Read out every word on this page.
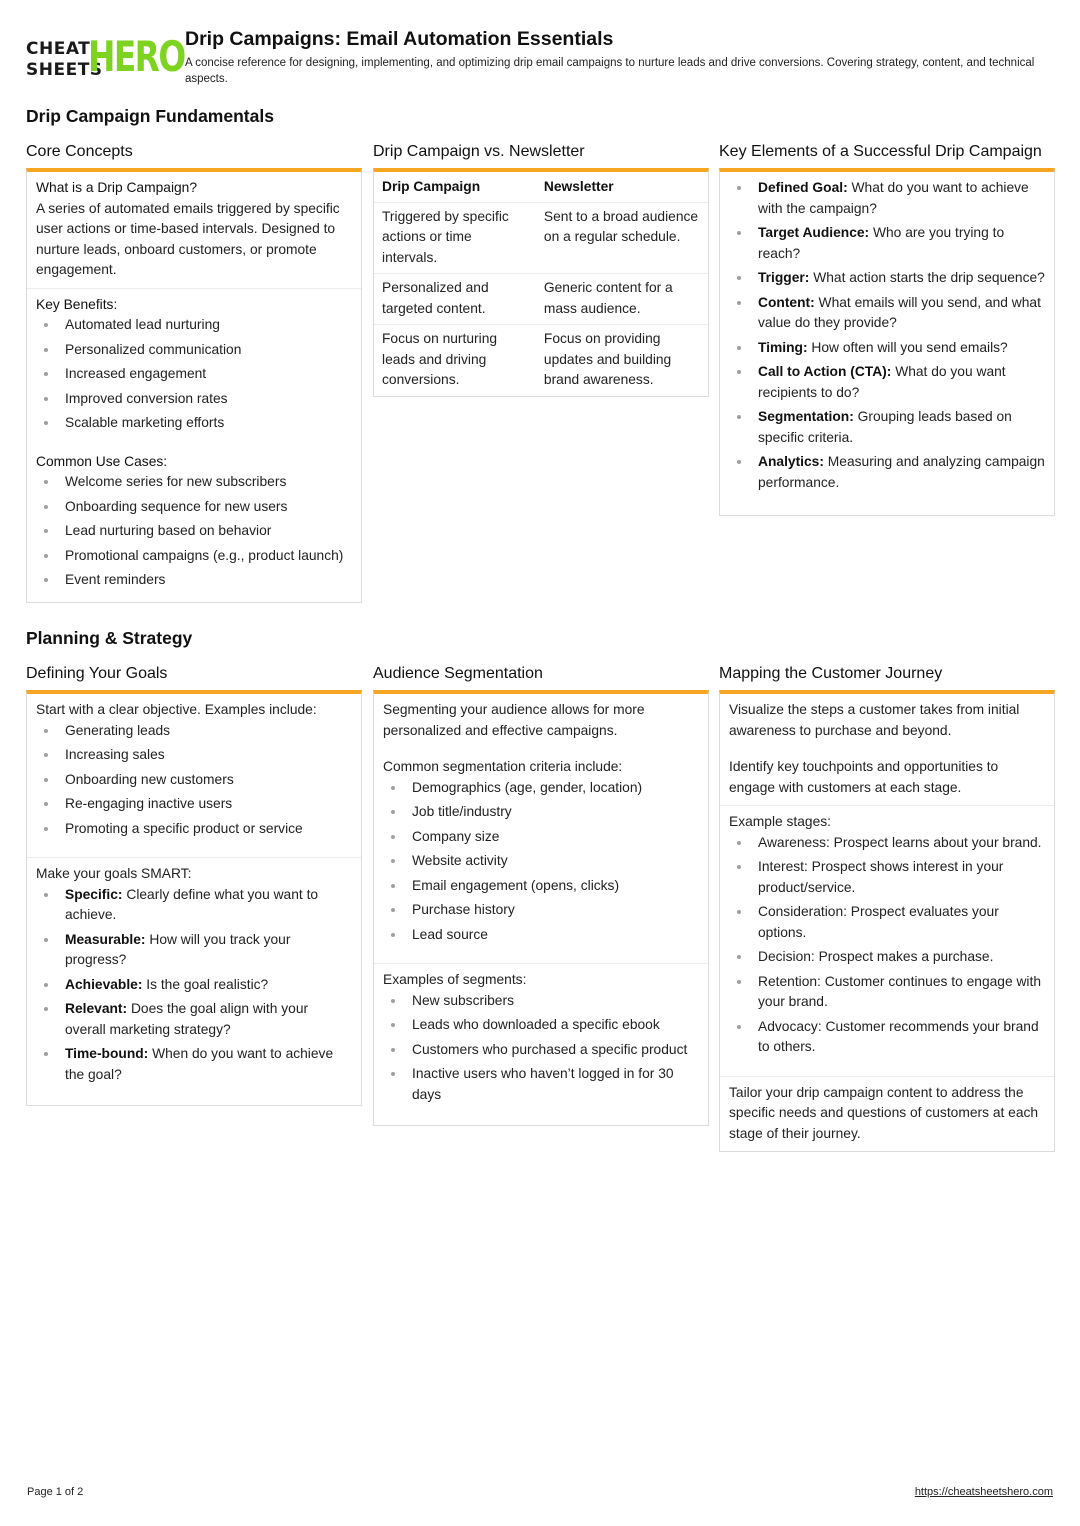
CHEAT
SHEETS
HERO Drip Campaigns: Email Automation Essentials
A concise reference for designing, implementing, and optimizing drip email campaigns to nurture leads and drive conversions. Covering strategy, content, and technical aspects.
Drip Campaign Fundamentals
Core Concepts
What is a Drip Campaign?
A series of automated emails triggered by specific user actions or time-based intervals. Designed to nurture leads, onboard customers, or promote engagement.
Key Benefits:
Automated lead nurturing
Personalized communication
Increased engagement
Improved conversion rates
Scalable marketing efforts
Common Use Cases:
Welcome series for new subscribers
Onboarding sequence for new users
Lead nurturing based on behavior
Promotional campaigns (e.g., product launch)
Event reminders
Drip Campaign vs. Newsletter
Drip Campaign	Newsletter
Triggered by specific actions or time intervals.	Sent to a broad audience on a regular schedule.
Personalized and targeted content.	Generic content for a mass audience.
Focus on nurturing leads and driving conversions.	Focus on providing updates and building brand awareness.
Key Elements of a Successful Drip Campaign
Defined Goal: What do you want to achieve with the campaign?
Target Audience: Who are you trying to reach?
Trigger: What action starts the drip sequence?
Content: What emails will you send, and what value do they provide?
Timing: How often will you send emails?
Call to Action (CTA): What do you want recipients to do?
Segmentation: Grouping leads based on specific criteria.
Analytics: Measuring and analyzing campaign performance.
Planning & Strategy
Defining Your Goals
Start with a clear objective. Examples include:
Generating leads
Increasing sales
Onboarding new customers
Re-engaging inactive users
Promoting a specific product or service
Make your goals SMART:
Specific: Clearly define what you want to achieve.
Measurable: How will you track your progress?
Achievable: Is the goal realistic?
Relevant: Does the goal align with your overall marketing strategy?
Time-bound: When do you want to achieve the goal?
Audience Segmentation
Segmenting your audience allows for more personalized and effective campaigns.
Common segmentation criteria include:
Demographics (age, gender, location)
Job title/industry
Company size
Website activity
Email engagement (opens, clicks)
Purchase history
Lead source
Examples of segments:
New subscribers
Leads who downloaded a specific ebook
Customers who purchased a specific product
Inactive users who haven’t logged in for 30 days
Mapping the Customer Journey
Visualize the steps a customer takes from initial awareness to purchase and beyond.
Identify key touchpoints and opportunities to engage with customers at each stage.
Example stages:
Awareness: Prospect learns about your brand.
Interest: Prospect shows interest in your product/service.
Consideration: Prospect evaluates your options.
Decision: Prospect makes a purchase.
Retention: Customer continues to engage with your brand.
Advocacy: Customer recommends your brand to others.
Tailor your drip campaign content to address the specific needs and questions of customers at each stage of their journey.
Page 1 of 2	https://cheatsheetshero.com
